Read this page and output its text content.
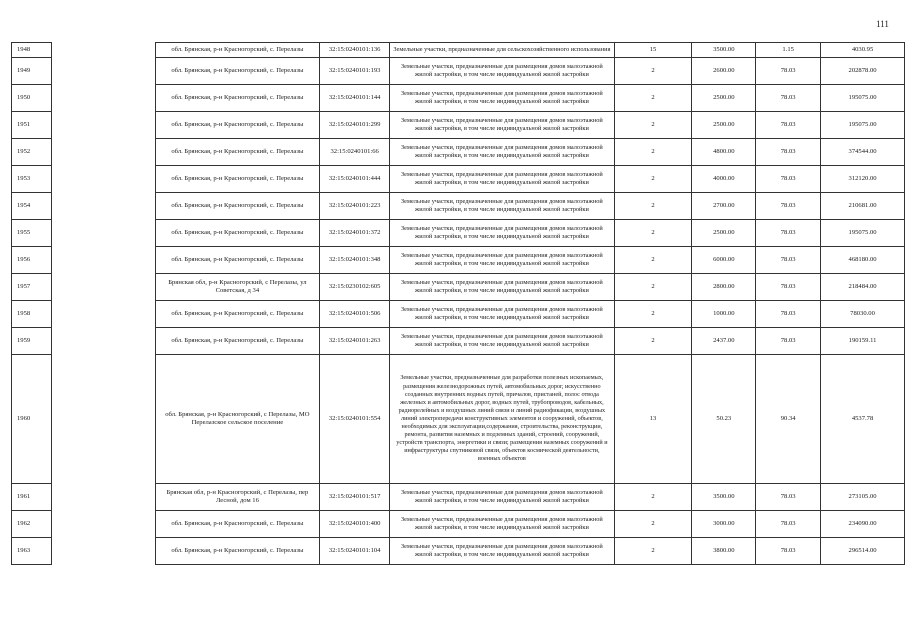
111
1948		обл. Брянская, р-н Красногорский, с. Перелазы	32:15:0240101:136	Земельные участки, предназначенные для сельскохозяйственного использования	15	3500.00	1.15	4030.95
1949		обл. Брянская, р-н Красногорский, с. Перелазы	32:15:0240101:193	Земельные участки, предназначенные для размещения домов малоэтажной жилой застройки, в том числе индивидуальной жилой застройки	2	2600.00	78.03	202878.00
1950		обл. Брянская, р-н Красногорский, с. Перелазы	32:15:0240101:144	Земельные участки, предназначенные для размещения домов малоэтажной жилой застройки, в том числе индивидуальной жилой застройки	2	2500.00	78.03	195075.00
1951		обл. Брянская, р-н Красногорский, с. Перелазы	32:15:0240101:299	Земельные участки, предназначенные для размещения домов малоэтажной жилой застройки, в том числе индивидуальной жилой застройки	2	2500.00	78.03	195075.00
1952		обл. Брянская, р-н Красногорский, с. Перелазы	32:15:0240101:66	Земельные участки, предназначенные для размещения домов малоэтажной жилой застройки, в том числе индивидуальной жилой застройки	2	4800.00	78.03	374544.00
1953		обл. Брянская, р-н Красногорский, с. Перелазы	32:15:0240101:444	Земельные участки, предназначенные для размещения домов малоэтажной жилой застройки, в том числе индивидуальной жилой застройки	2	4000.00	78.03	312120.00
1954		обл. Брянская, р-н Красногорский, с. Перелазы	32:15:0240101:223	Земельные участки, предназначенные для размещения домов малоэтажной жилой застройки, в том числе индивидуальной жилой застройки	2	2700.00	78.03	210681.00
1955		обл. Брянская, р-н Красногорский, с. Перелазы	32:15:0240101:372	Земельные участки, предназначенные для размещения домов малоэтажной жилой застройки, в том числе индивидуальной жилой застройки	2	2500.00	78.03	195075.00
1956		обл. Брянская, р-н Красногорский, с. Перелазы	32:15:0240101:348	Земельные участки, предназначенные для размещения домов малоэтажной жилой застройки, в том числе индивидуальной жилой застройки	2	6000.00	78.03	468180.00
1957		Брянская обл, р-н Красногорский, с Перелазы, ул Советская, д 34	32:15:0230102:605	Земельные участки, предназначенные для размещения домов малоэтажной жилой застройки, в том числе индивидуальной жилой застройки	2	2800.00	78.03	218484.00
1958		обл. Брянская, р-н Красногорский, с. Перелазы	32:15:0240101:506	Земельные участки, предназначенные для размещения домов малоэтажной жилой застройки, в том числе индивидуальной жилой застройки	2	1000.00	78.03	78030.00
1959		обл. Брянская, р-н Красногорский, с. Перелазы	32:15:0240101:263	Земельные участки, предназначенные для размещения домов малоэтажной жилой застройки, в том числе индивидуальной жилой застройки	2	2437.00	78.03	190159.11
1960		обл. Брянская, р-н Красногорский, с Перелазы, МО Перелазское сельское поселение	32:15:0240101:554	Земельные участки, предназначенные для разработки полезных ископаемых, размещения железнодорожных путей, автомобильных дорог, искусственно созданных внутренних водных путей, причалов, пристаней, полос отвода железных и автомобильных дорог, водных путей, трубопроводов, кабельных, радиорелейных и воздушных линий связи и линий радиофикации, воздушных линий электропередачи конструктивных элементов и сооружений, объектов, необходимых для эксплуатации,содержания, строительства, реконструкции, ремонта, развития наземных и подземных зданий, строений, сооружений, устройств транспорта, энергетики и связи; размещения наземных сооружений и инфраструктуры спутниковой связи, объектов космической деятельности, военных объектов	13	50.23	90.34	4537.78
1961		Брянская обл, р-н Красногорский, с Перелазы, пер Лесной, дом 16	32:15:0240101:517	Земельные участки, предназначенные для размещения домов малоэтажной жилой застройки, в том числе индивидуальной жилой застройки	2	3500.00	78.03	273105.00
1962		обл. Брянская, р-н Красногорский, с. Перелазы	32:15:0240101:400	Земельные участки, предназначенные для размещения домов малоэтажной жилой застройки, в том числе индивидуальной жилой застройки	2	3000.00	78.03	234090.00
1963		обл. Брянская, р-н Красногорский, с. Перелазы	32:15:0240101:104	Земельные участки, предназначенные для размещения домов малоэтажной жилой застройки, в том числе индивидуальной жилой застройки	2	3800.00	78.03	296514.00
